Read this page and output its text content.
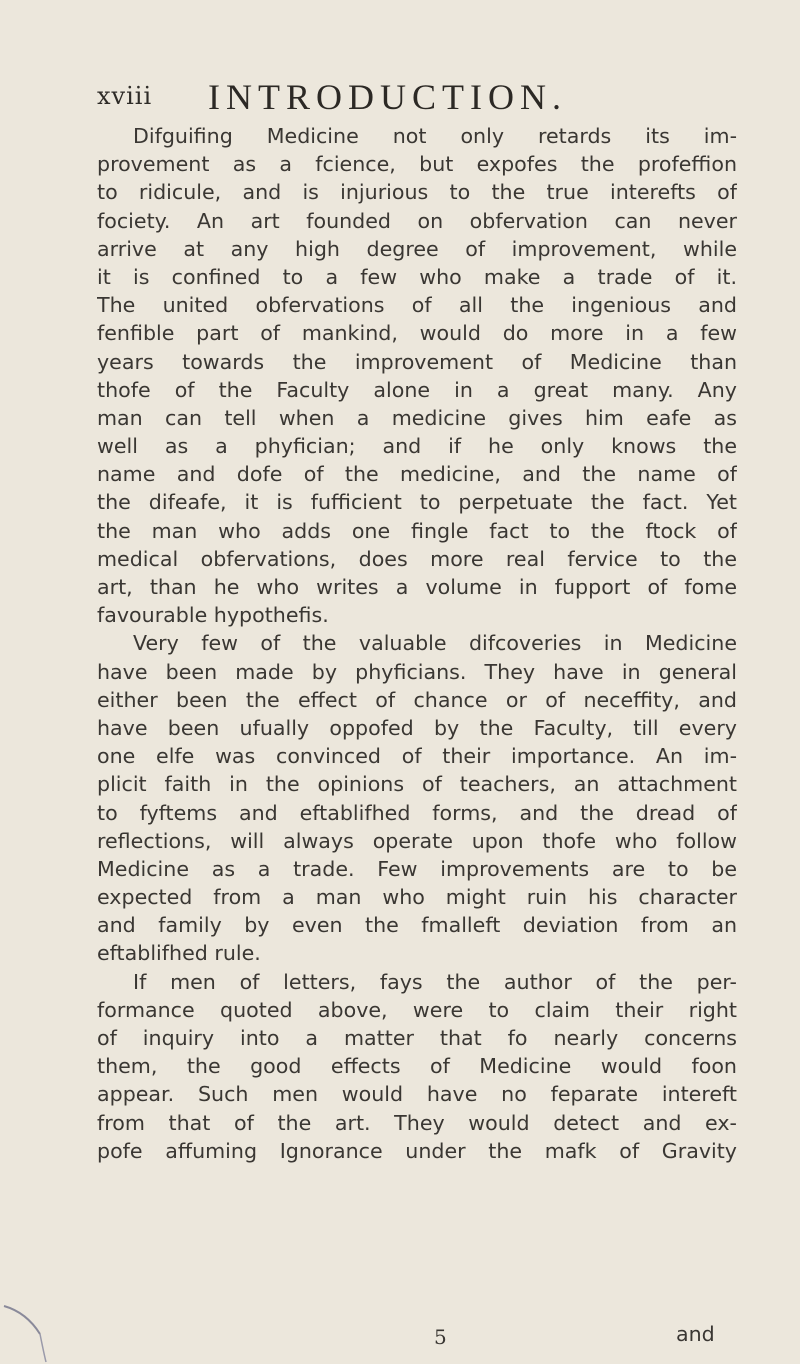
xviii INTRODUCTION.
Difguifing Medicine not only retards its im-
provement as a fcience, but expofes the profeffion
to ridicule, and is injurious to the true interefts of
fociety. An art founded on obfervation can never
arrive at any high degree of improvement, while
it is confined to a few who make a trade of it.
The united obfervations of all the ingenious and
fenfible part of mankind, would do more in a few
years towards the improvement of Medicine than
thofe of the Faculty alone in a great many. Any
man can tell when a medicine gives him eafe as
well as a phyfician; and if he only knows the
name and dofe of the medicine, and the name of
the difeafe, it is fufficient to perpetuate the fact. Yet
the man who adds one fingle fact to the ftock of
medical obfervations, does more real fervice to the
art, than he who writes a volume in fupport of fome
favourable hypothefis.
Very few of the valuable difcoveries in Medicine
have been made by phyficians. They have in general
either been the effect of chance or of neceffity, and
have been ufually oppofed by the Faculty, till every
one elfe was convinced of their importance. An im-
plicit faith in the opinions of teachers, an attachment
to fyftems and eftablifhed forms, and the dread of
reflections, will always operate upon thofe who follow
Medicine as a trade. Few improvements are to be
expected from a man who might ruin his character
and family by even the fmalleft deviation from an
eftablifhed rule.
If men of letters, fays the author of the per-
formance quoted above, were to claim their right
of inquiry into a matter that fo nearly concerns
them, the good effects of Medicine would foon
appear. Such men would have no feparate intereft
from that of the art. They would detect and ex-
pofe affuming Ignorance under the mafk of Gravity
5	and
